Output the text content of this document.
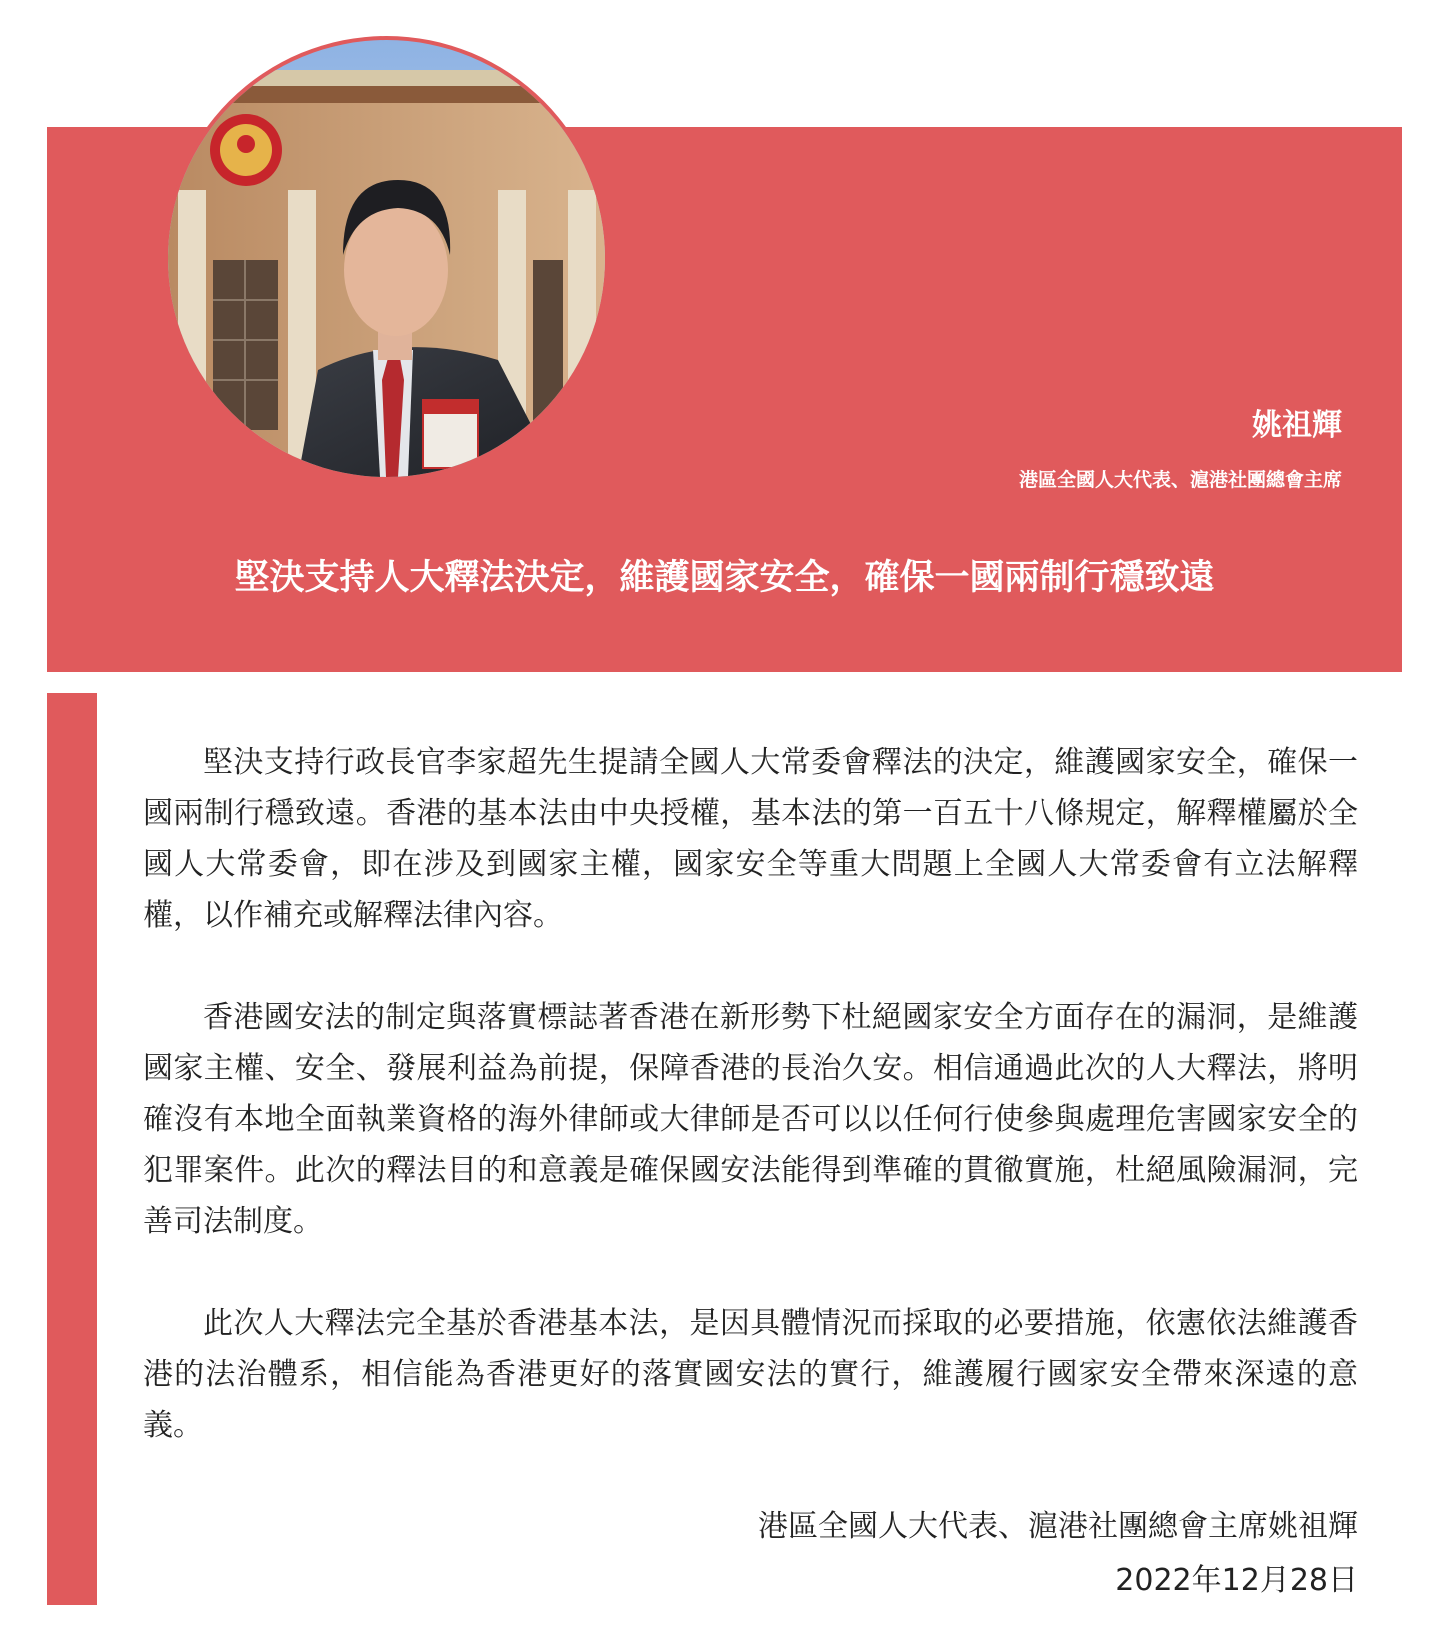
姚祖輝
港區全國人大代表、滬港社團總會主席
堅決支持人大釋法決定，維護國家安全，確保一國兩制行穩致遠

堅決支持行政長官李家超先生提請全國人大常委會釋法的決定，維護國家安全，確保一國兩制行穩致遠。香港的基本法由中央授權，基本法的第一百五十八條規定，解釋權屬於全國人大常委會，即在涉及到國家主權，國家安全等重大問題上全國人大常委會有立法解釋權，以作補充或解釋法律內容。

香港國安法的制定與落實標誌著香港在新形勢下杜絕國家安全方面存在的漏洞，是維護國家主權、安全、發展利益為前提，保障香港的長治久安。相信通過此次的人大釋法，將明確沒有本地全面執業資格的海外律師或大律師是否可以以任何行使參與處理危害國家安全的犯罪案件。此次的釋法目的和意義是確保國安法能得到準確的貫徹實施，杜絕風險漏洞，完善司法制度。

此次人大釋法完全基於香港基本法，是因具體情況而採取的必要措施，依憲依法維護香港的法治體系，相信能為香港更好的落實國安法的實行，維護履行國家安全帶來深遠的意義。

港區全國人大代表、滬港社團總會主席姚祖輝
2022年12月28日
